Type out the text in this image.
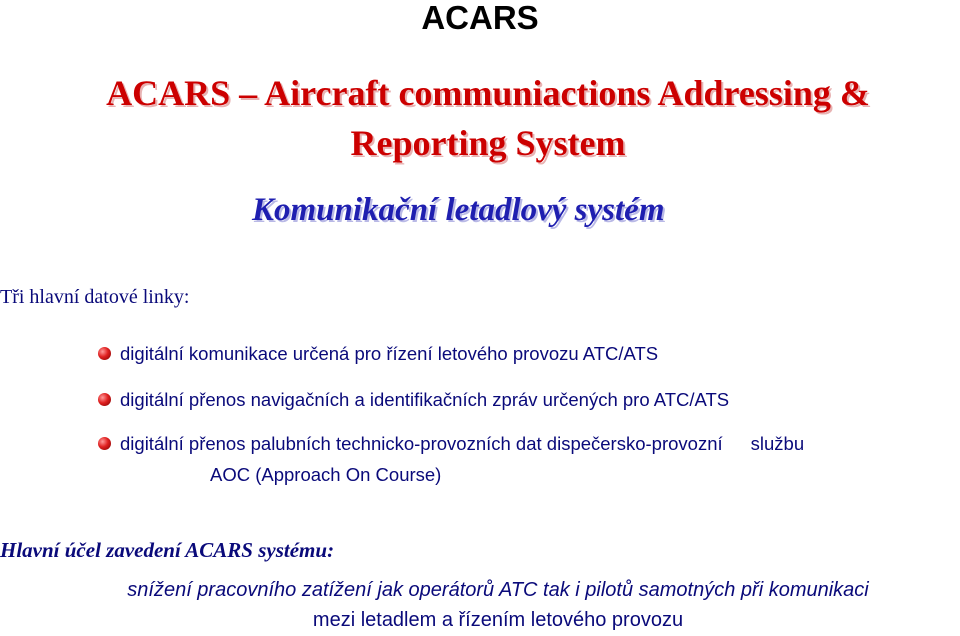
ACARS
ACARS – Aircraft communiactions Addressing &
Reporting System
Komunikační letadlový systém

Tři hlavní datové linky:

digitální komunikace určená pro řízení letového provozu ATC/ATS
digitální přenos navigačních a identifikačních zpráv určených pro ATC/ATS
digitální přenos palubních technicko-provozních dat dispečersko-provozní službu
AOC (Approach On Course)

Hlavní účel zavedení ACARS systému:

snížení pracovního zatížení jak operátorů ATC tak i pilotů samotných při komunikaci

mezi letadlem a řízením letového provozu
